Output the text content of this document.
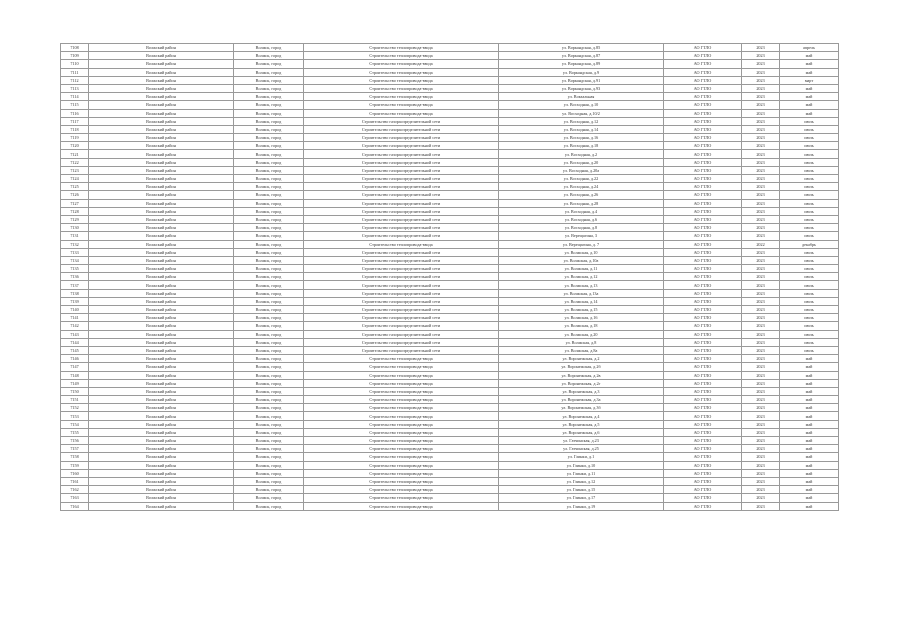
7108	Волжский район	Волжск, город	Строительство теплопровода-ввода	ул. Воркандская, д.85	АО ГТЛО	2023	апрель
7109	Волжский район	Волжск, город	Строительство теплопровода-ввода	ул. Воркандская, д.87	АО ГТЛО	2023	май
7110	Волжский район	Волжск, город	Строительство теплопровода-ввода	ул. Воркандская, д.89	АО ГТЛО	2023	май
7111	Волжский район	Волжск, город	Строительство теплопровода-ввода	ул. Воркандская, д.9	АО ГТЛО	2023	май
7112	Волжский район	Волжск, город	Строительство теплопровода-ввода	ул. Воркандская, д.91	АО ГТЛО	2023	март
7113	Волжский район	Волжск, город	Строительство теплопровода-ввода	ул. Воркандская, д.93	АО ГТЛО	2023	май
7114	Волжский район	Волжск, город	Строительство теплопровода-ввода	ул. Вокзальная	АО ГТЛО	2023	май
7115	Волжский район	Волжск, город	Строительство теплопровода-ввода	ул. Восходная, д.10	АО ГТЛО	2023	май
7116	Волжский район	Волжск, город	Строительство теплопровода-ввода	ул. Восходная, д.10/2	АО ГТЛО	2023	май
7117	Волжский район	Волжск, город	Строительство газораспределительной сети	ул. Восходная, д.12	АО ГТЛО	2023	июль
7118	Волжский район	Волжск, город	Строительство газораспределительной сети	ул. Восходная, д.14	АО ГТЛО	2023	июль
7119	Волжский район	Волжск, город	Строительство газораспределительной сети	ул. Восходная, д.16	АО ГТЛО	2023	июль
7120	Волжский район	Волжск, город	Строительство газораспределительной сети	ул. Восходная, д.18	АО ГТЛО	2023	июль
7121	Волжский район	Волжск, город	Строительство газораспределительной сети	ул. Восходная, д.2	АО ГТЛО	2023	июль
7122	Волжский район	Волжск, город	Строительство газораспределительной сети	ул. Восходная, д.20	АО ГТЛО	2023	июль
7123	Волжский район	Волжск, город	Строительство газораспределительной сети	ул. Восходная, д.20а	АО ГТЛО	2023	июль
7124	Волжский район	Волжск, город	Строительство газораспределительной сети	ул. Восходная, д.22	АО ГТЛО	2023	июль
7125	Волжский район	Волжск, город	Строительство газораспределительной сети	ул. Восходная, д.24	АО ГТЛО	2023	июль
7126	Волжский район	Волжск, город	Строительство газораспределительной сети	ул. Восходная, д.26	АО ГТЛО	2023	июль
7127	Волжский район	Волжск, город	Строительство газораспределительной сети	ул. Восходная, д.28	АО ГТЛО	2023	июль
7128	Волжский район	Волжск, город	Строительство газораспределительной сети	ул. Восходная, д.4	АО ГТЛО	2023	июль
7129	Волжский район	Волжск, город	Строительство газораспределительной сети	ул. Восходная, д.6	АО ГТЛО	2023	июль
7130	Волжский район	Волжск, город	Строительство газораспределительной сети	ул. Восходная, д.8	АО ГТЛО	2023	июль
7131	Волжский район	Волжск, город	Строительство газораспределительной сети	ул. Верещагина, 3	АО ГТЛО	2023	июль
7132	Волжский район	Волжск, город	Строительство теплопровода-ввода	ул. Верещагина, д. 7	АО ГТЛО	2022	декабрь
7133	Волжский район	Волжск, город	Строительство газораспределительной сети	ул. Волжская, д.10	АО ГТЛО	2023	июль
7134	Волжский район	Волжск, город	Строительство газораспределительной сети	ул. Волжская, д.10а	АО ГТЛО	2023	июль
7135	Волжский район	Волжск, город	Строительство газораспределительной сети	ул. Волжская, д.11	АО ГТЛО	2023	июль
7136	Волжский район	Волжск, город	Строительство газораспределительной сети	ул. Волжская, д.12	АО ГТЛО	2023	июль
7137	Волжский район	Волжск, город	Строительство газораспределительной сети	ул. Волжская, д.13	АО ГТЛО	2023	июль
7138	Волжский район	Волжск, город	Строительство газораспределительной сети	ул. Волжская, д.13а	АО ГТЛО	2023	июль
7139	Волжский район	Волжск, город	Строительство газораспределительной сети	ул. Волжская, д.14	АО ГТЛО	2023	июль
7140	Волжский район	Волжск, город	Строительство газораспределительной сети	ул. Волжская, д.15	АО ГТЛО	2023	июль
7141	Волжский район	Волжск, город	Строительство газораспределительной сети	ул. Волжская, д.16	АО ГТЛО	2023	июль
7142	Волжский район	Волжск, город	Строительство газораспределительной сети	ул. Волжская, д.18	АО ГТЛО	2023	июль
7143	Волжский район	Волжск, город	Строительство газораспределительной сети	ул. Волжская, д.20	АО ГТЛО	2023	июль
7144	Волжский район	Волжск, город	Строительство газораспределительной сети	ул. Волжская, д.8	АО ГТЛО	2023	июль
7145	Волжский район	Волжск, город	Строительство газораспределительной сети	ул. Волжская, д.8а	АО ГТЛО	2023	июль
7146	Волжский район	Волжск, город	Строительство теплопровода-ввода	ул. Воронежская, д.2	АО ГТЛО	2023	май
7147	Волжский район	Волжск, город	Строительство теплопровода-ввода	ул. Воронежская, д.2б	АО ГТЛО	2023	май
7148	Волжский район	Волжск, город	Строительство теплопровода-ввода	ул. Воронежская, д.2в	АО ГТЛО	2023	май
7149	Волжский район	Волжск, город	Строительство теплопровода-ввода	ул. Воронежская, д.2г	АО ГТЛО	2023	май
7150	Волжский район	Волжск, город	Строительство теплопровода-ввода	ул. Воронежская, д.3	АО ГТЛО	2023	май
7151	Волжский район	Волжск, город	Строительство теплопровода-ввода	ул. Воронежская, д.3а	АО ГТЛО	2023	май
7152	Волжский район	Волжск, город	Строительство теплопровода-ввода	ул. Воронежская, д.3б	АО ГТЛО	2023	май
7153	Волжский район	Волжск, город	Строительство теплопровода-ввода	ул. Воронежская, д.4	АО ГТЛО	2023	май
7154	Волжский район	Волжск, город	Строительство теплопровода-ввода	ул. Воронежская, д.5	АО ГТЛО	2023	май
7155	Волжский район	Волжск, город	Строительство теплопровода-ввода	ул. Воронежская, д.6	АО ГТЛО	2023	май
7156	Волжский район	Волжск, город	Строительство теплопровода-ввода	ул. Гатчинская, д.23	АО ГТЛО	2023	май
7157	Волжский район	Волжск, город	Строительство теплопровода-ввода	ул. Гатчинская, д.25	АО ГТЛО	2023	май
7158	Волжский район	Волжск, город	Строительство теплопровода-ввода	ул. Глинки, д.1	АО ГТЛО	2023	май
7159	Волжский район	Волжск, город	Строительство теплопровода-ввода	ул. Глинки, д.10	АО ГТЛО	2023	май
7160	Волжский район	Волжск, город	Строительство теплопровода-ввода	ул. Глинки, д.11	АО ГТЛО	2023	май
7161	Волжский район	Волжск, город	Строительство теплопровода-ввода	ул. Глинки, д.12	АО ГТЛО	2023	май
7162	Волжский район	Волжск, город	Строительство теплопровода-ввода	ул. Глинки, д.15	АО ГТЛО	2023	май
7163	Волжский район	Волжск, город	Строительство теплопровода-ввода	ул. Глинки, д.17	АО ГТЛО	2023	май
7164	Волжский район	Волжск, город	Строительство теплопровода-ввода	ул. Глинки, д.19	АО ГТЛО	2023	май
